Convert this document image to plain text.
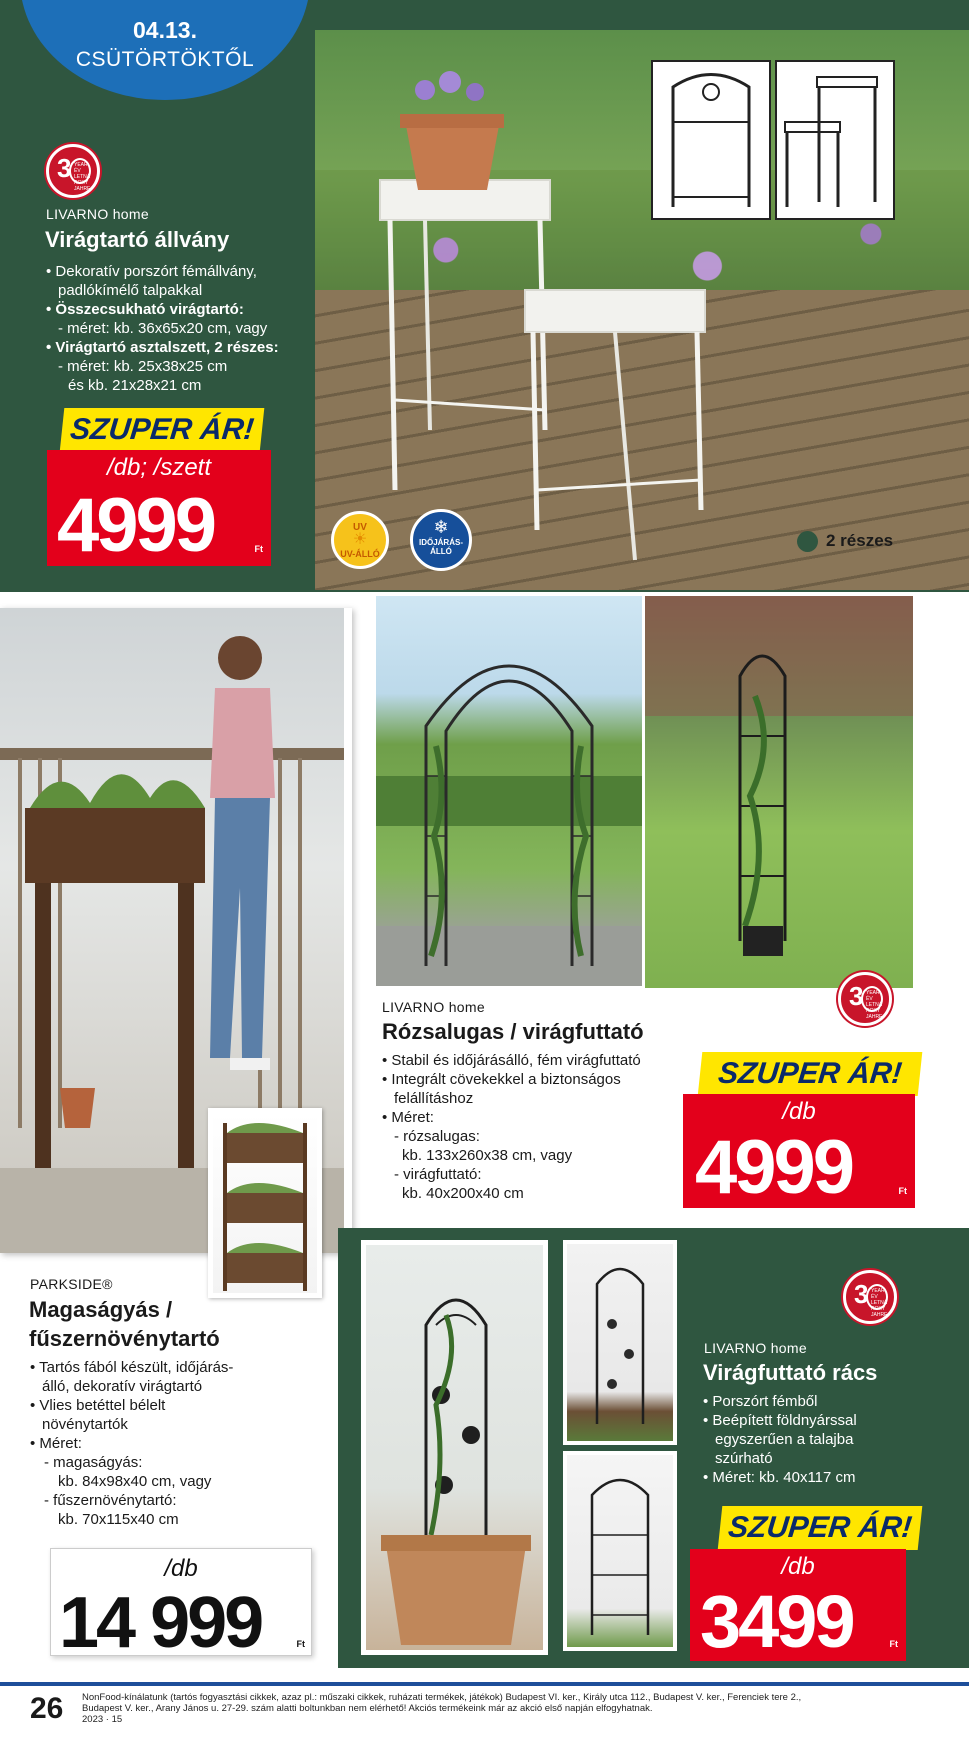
04.13.
CSÜTÖRTÖKTŐL
3 YEAR
ÉV
LETNÁ
ROKY
JAHRE
LIVARNO home
Virágtartó állvány
• Dekoratív porszórt fémállvány,
padlókímélő talpakkal
• Összecsukható virágtartó:
- méret: kb. 36x65x20 cm, vagy
• Virágtartó asztalszett, 2 részes:
- méret: kb. 25x38x25 cm
és kb. 21x28x21 cm
SZUPER ÁR!
/db; /szett
4999	Ft
UV
☀
UV-ÁLLÓ
❄
IDŐJÁRÁS-ÁLLÓ
2 részes
3 YEAR
ÉV
LETNÁ
ROKY
JAHRE
LIVARNO home
Rózsalugas / virágfuttató
• Stabil és időjárásálló, fém virágfuttató
• Integrált cövekekkel a biztonságos
felállításhoz
• Méret:
- rózsalugas:
kb. 133x260x38 cm, vagy
- virágfuttató:
kb. 40x200x40 cm
SZUPER ÁR!
/db
4999	Ft
3 YEAR
ÉV
LETNÁ
ROKY
JAHRE
LIVARNO home
Virágfuttató rács
• Porszórt fémből
• Beépített földnyárssal
egyszerűen a talajba
szúrható
• Méret: kb. 40x117 cm
SZUPER ÁR!
/db
3499	Ft
PARKSIDE®
Magaságyás /
fűszernövénytartó
• Tartós fából készült, időjárás-
álló, dekoratív virágtartó
• Vlies betéttel bélelt
növénytartók
• Méret:
- magaságyás:
kb. 84x98x40 cm, vagy
- fűszernövénytartó:
kb. 70x115x40 cm
/db
14 999	Ft
26 NonFood-kínálatunk (tartós fogyasztási cikkek, azaz pl.: műszaki cikkek, ruházati termékek, játékok) Budapest VI. ker., Király utca 112., Budapest V. ker., Ferenciek tere 2.,
Budapest V. ker., Arany János u. 27-29. szám alatti boltunkban nem elérhető! Akciós termékeink már az akció első napján elfogyhatnak.
2023 · 15
